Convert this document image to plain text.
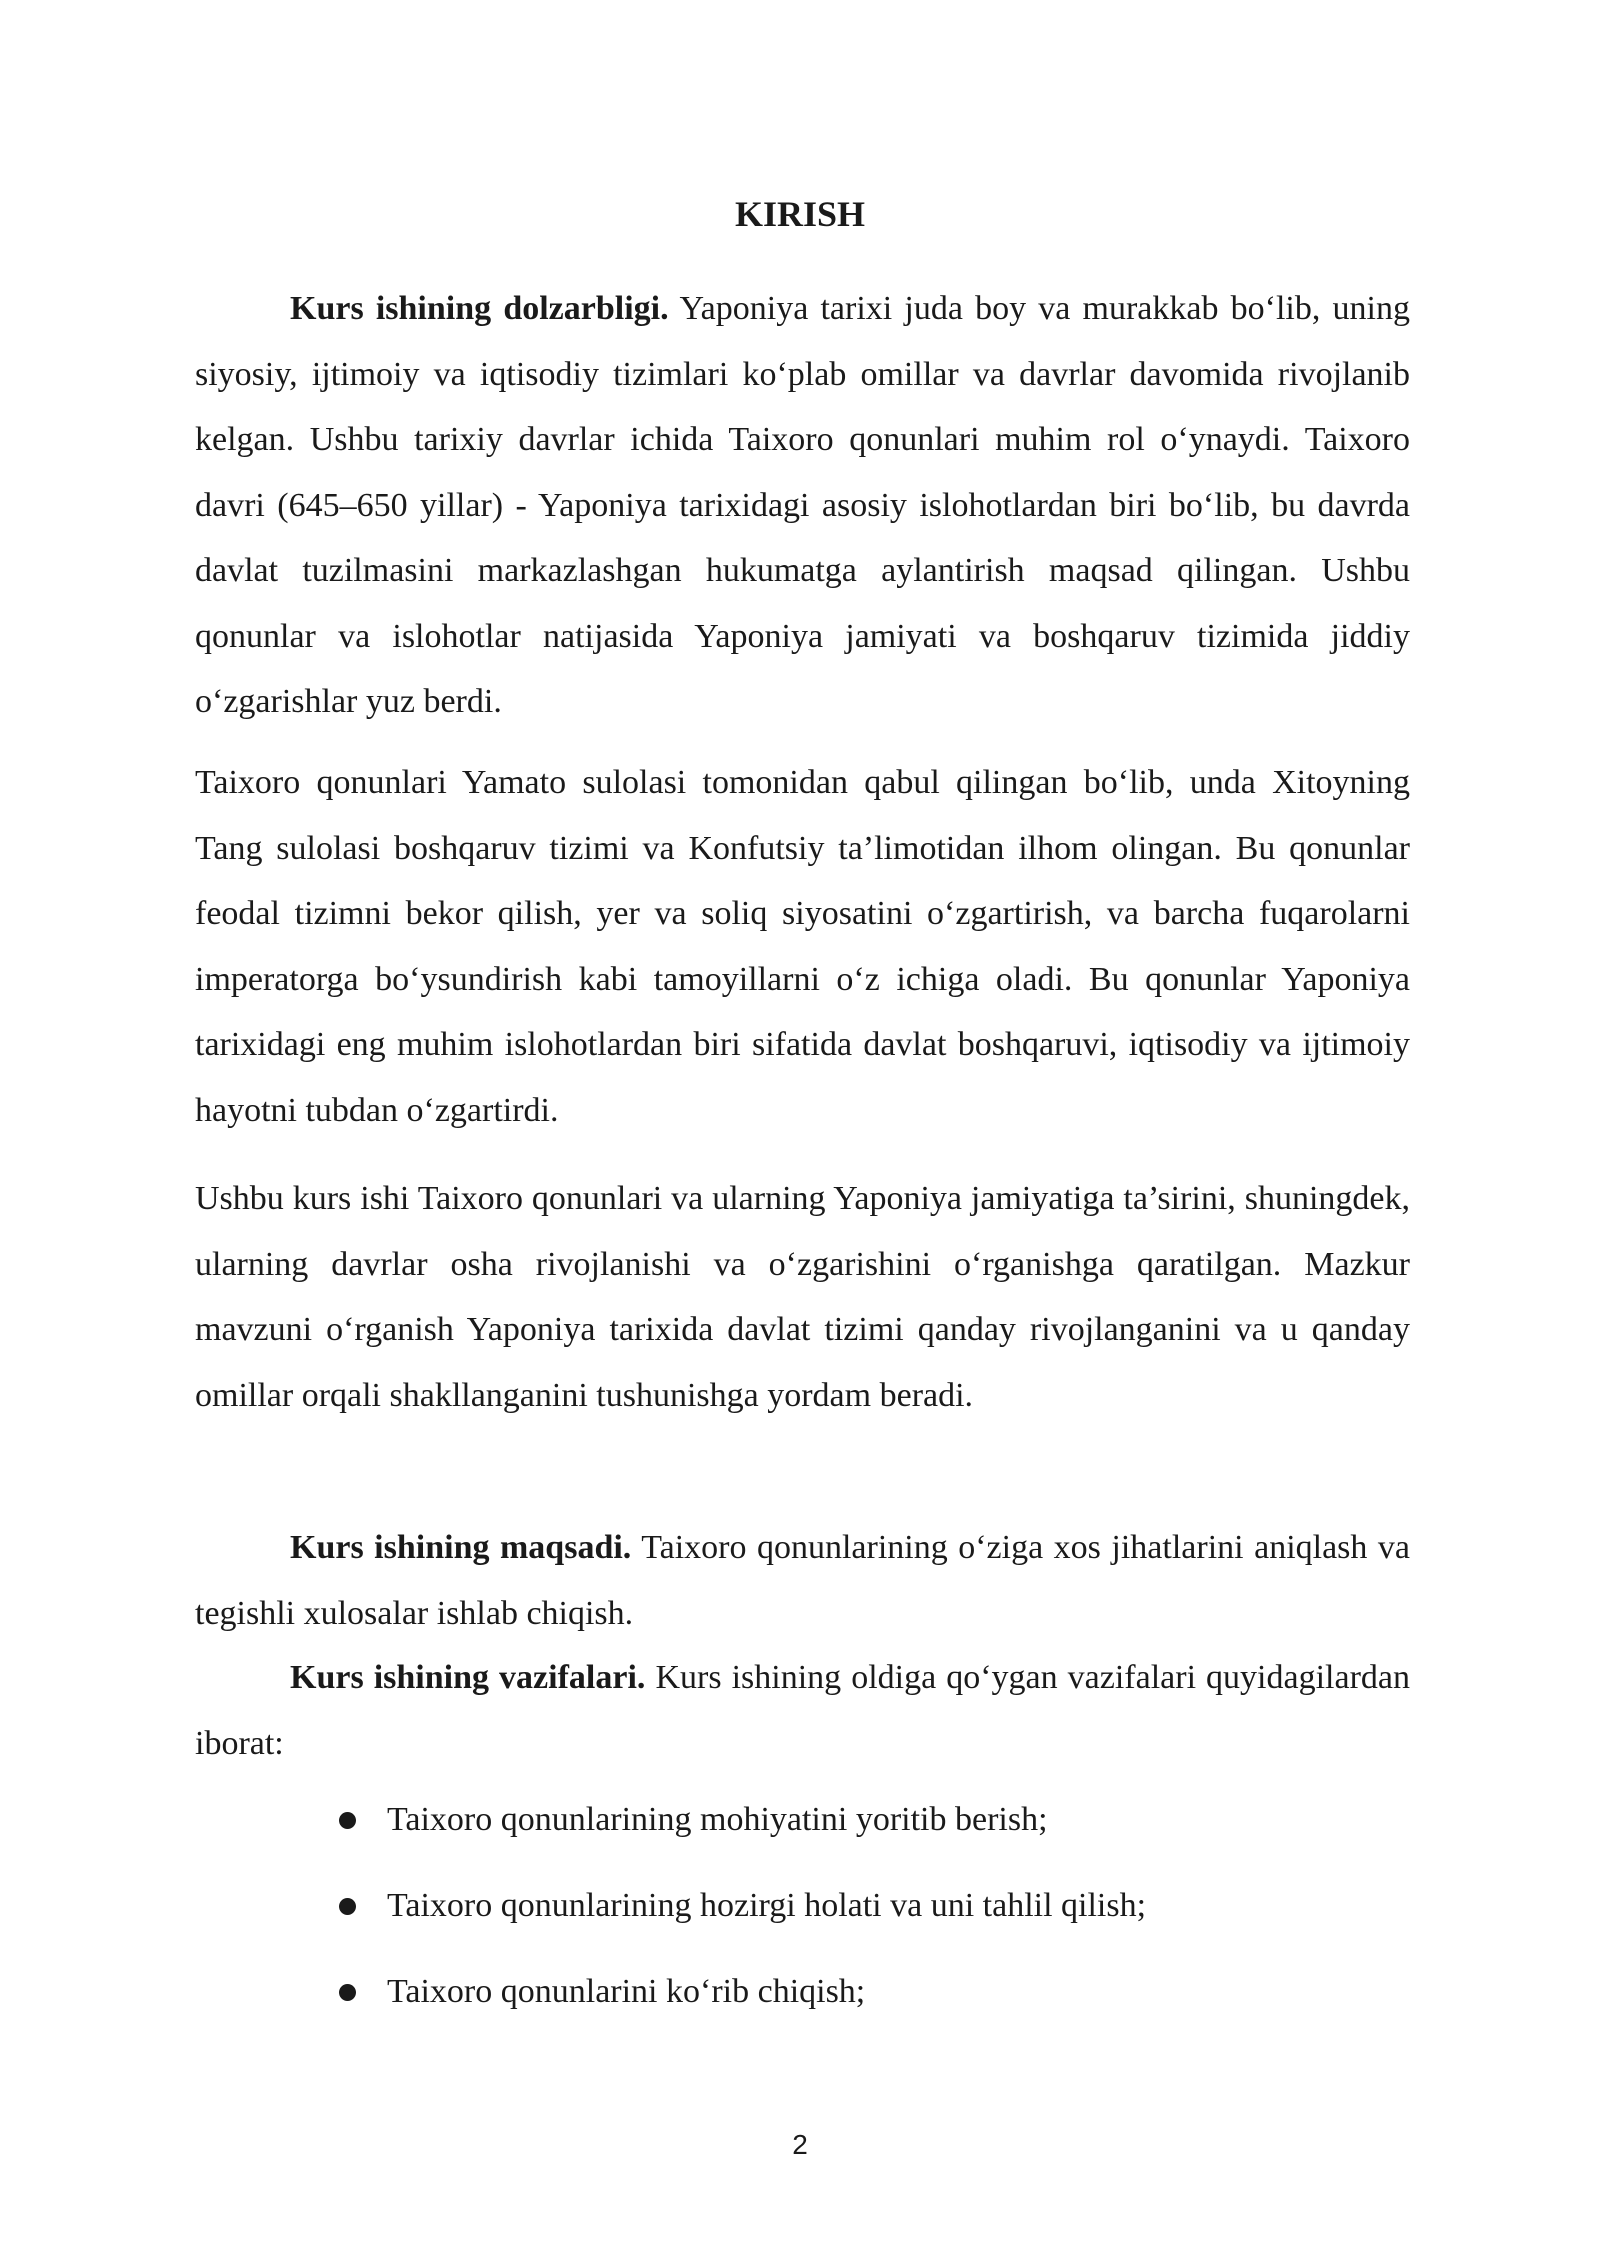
KIRISH

Kurs ishining dolzarbligi. Yaponiya tarixi juda boy va murakkab bo‘lib, uning siyosiy, ijtimoiy va iqtisodiy tizimlari ko‘plab omillar va davrlar davomida rivojlanib kelgan. Ushbu tarixiy davrlar ichida Taixoro qonunlari muhim rol o‘ynaydi. Taixoro davri (645–650 yillar) - Yaponiya tarixidagi asosiy islohotlardan biri bo‘lib, bu davrda davlat tuzilmasini markazlashgan hukumatga aylantirish maqsad qilingan. Ushbu qonunlar va islohotlar natijasida Yaponiya jamiyati va boshqaruv tizimida jiddiy o‘zgarishlar yuz berdi.

Taixoro qonunlari Yamato sulolasi tomonidan qabul qilingan bo‘lib, unda Xitoyning Tang sulolasi boshqaruv tizimi va Konfutsiy ta’limotidan ilhom olingan. Bu qonunlar feodal tizimni bekor qilish, yer va soliq siyosatini o‘zgartirish, va barcha fuqarolarni imperatorga bo‘ysundirish kabi tamoyillarni o‘z ichiga oladi. Bu qonunlar Yaponiya tarixidagi eng muhim islohotlardan biri sifatida davlat boshqaruvi, iqtisodiy va ijtimoiy hayotni tubdan o‘zgartirdi.

Ushbu kurs ishi Taixoro qonunlari va ularning Yaponiya jamiyatiga ta’sirini, shuningdek, ularning davrlar osha rivojlanishi va o‘zgarishini o‘rganishga qaratilgan. Mazkur mavzuni o‘rganish Yaponiya tarixida davlat tizimi qanday rivojlanganini va u qanday omillar orqali shakllanganini tushunishga yordam beradi.

Kurs ishining maqsadi. Taixoro qonunlarining o‘ziga xos jihatlarini aniqlash va tegishli xulosalar ishlab chiqish.

Kurs ishining vazifalari. Kurs ishining oldiga qo‘ygan vazifalari quyidagilardan iborat:

Taixoro qonunlarining mohiyatini yoritib berish;
Taixoro qonunlarining hozirgi holati va uni tahlil qilish;
Taixoro qonunlarini ko‘rib chiqish;
2
